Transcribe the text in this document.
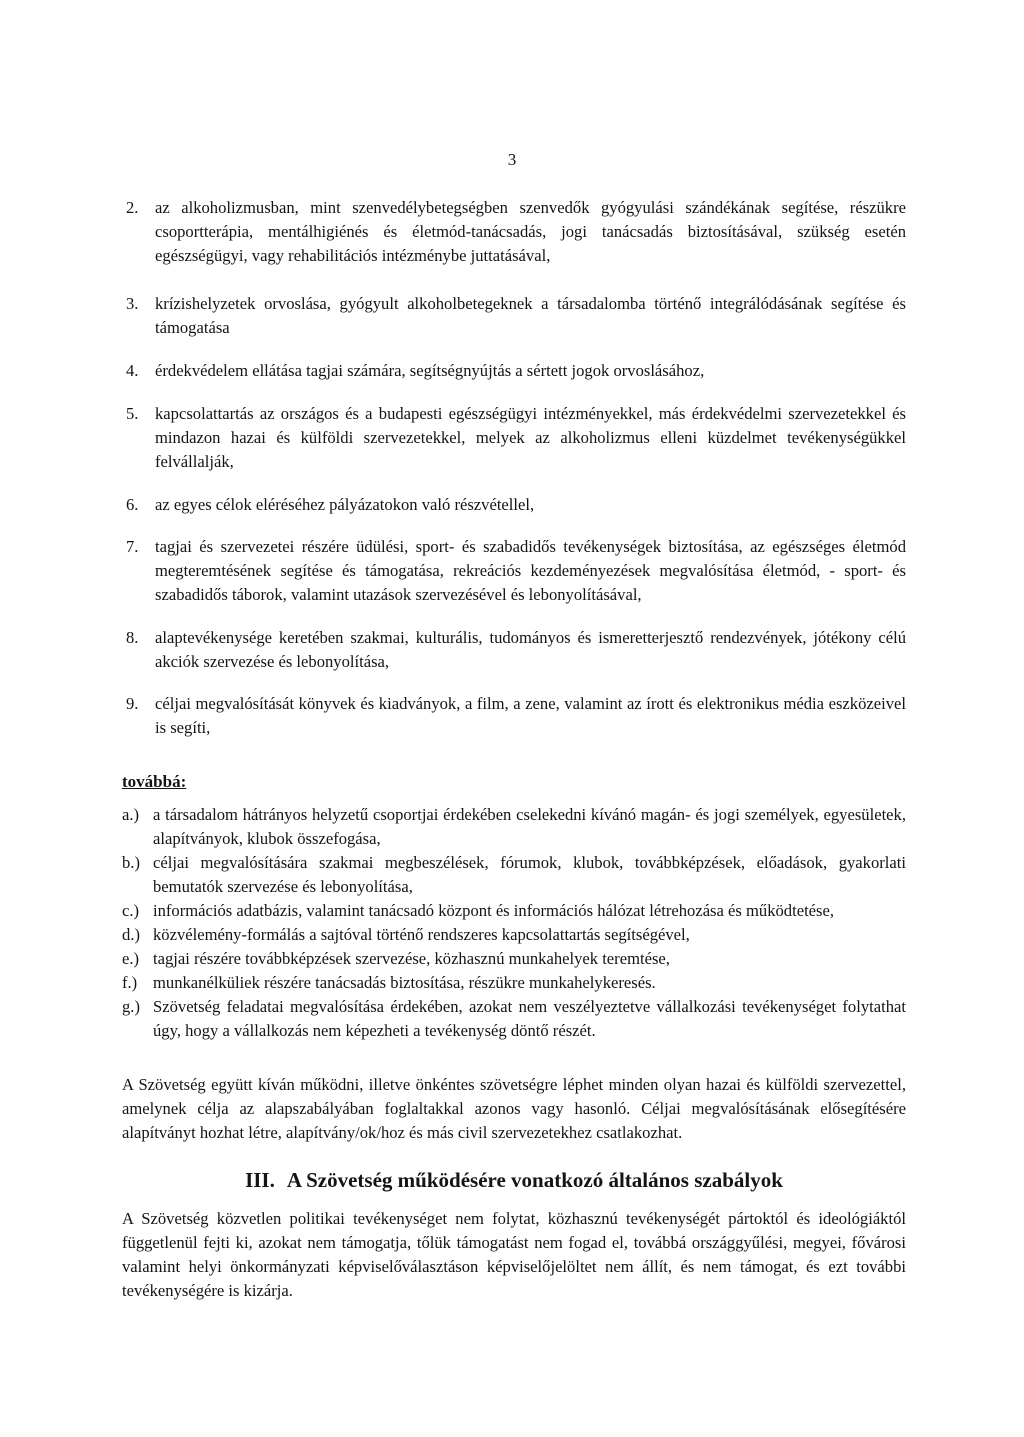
3
2. az alkoholizmusban, mint szenvedélybetegségben szenvedők gyógyulási szándékának segítése, részükre csoportterápia, mentálhigiénés és életmód-tanácsadás, jogi tanácsadás biztosításával, szükség esetén egészségügyi, vagy rehabilitációs intézménybe juttatásával,
3. krízishelyzetek orvoslása, gyógyult alkoholbetegeknek a társadalomba történő integrálódásának segítése és támogatása
4. érdekvédelem ellátása tagjai számára, segítségnyújtás a sértett jogok orvoslásához,
5. kapcsolattartás az országos és a budapesti egészségügyi intézményekkel, más érdekvédelmi szervezetekkel és mindazon hazai és külföldi szervezetekkel, melyek az alkoholizmus elleni küzdelmet tevékenységükkel felvállalják,
6. az egyes célok eléréséhez pályázatokon való részvétellel,
7. tagjai és szervezetei részére üdülési, sport- és szabadidős tevékenységek biztosítása, az egészséges életmód megteremtésének segítése és támogatása, rekreációs kezdeményezések megvalósítása életmód, - sport- és szabadidős táborok, valamint utazások szervezésével és lebonyolításával,
8. alaptevékenysége keretében szakmai, kulturális, tudományos és ismeretterjesztő rendezvények, jótékony célú akciók szervezése és lebonyolítása,
9. céljai megvalósítását könyvek és kiadványok, a film, a zene, valamint az írott és elektronikus média eszközeivel is segíti,
továbbá:
a.) a társadalom hátrányos helyzetű csoportjai érdekében cselekedni kívánó magán- és jogi személyek, egyesületek, alapítványok, klubok összefogása,
b.) céljai megvalósítására szakmai megbeszélések, fórumok, klubok, továbbképzések, előadások, gyakorlati bemutatók szervezése és lebonyolítása,
c.) információs adatbázis, valamint tanácsadó központ és információs hálózat létrehozása és működtetése,
d.) közvélemény-formálás a sajtóval történő rendszeres kapcsolattartás segítségével,
e.) tagjai részére továbbképzések szervezése, közhasznú munkahelyek teremtése,
f.) munkanélküliek részére tanácsadás biztosítása, részükre munkahelykeresés.
g.) Szövetség feladatai megvalósítása érdekében, azokat nem veszélyeztetve vállalkozási tevékenységet folytathat úgy, hogy a vállalkozás nem képezheti a tevékenység döntő részét.

A Szövetség együtt kíván működni, illetve önkéntes szövetségre léphet minden olyan hazai és külföldi szervezettel, amelynek célja az alapszabályában foglaltakkal azonos vagy hasonló. Céljai megvalósításának elősegítésére alapítványt hozhat létre, alapítvány/ok/hoz és más civil szervezetekhez csatlakozhat.

III. A Szövetség működésére vonatkozó általános szabályok

A Szövetség közvetlen politikai tevékenységet nem folytat, közhasznú tevékenységét pártoktól és ideológiáktól függetlenül fejti ki, azokat nem támogatja, tőlük támogatást nem fogad el, továbbá országgyűlési, megyei, fővárosi valamint helyi önkormányzati képviselőválasztáson képviselőjelöltet nem állít, és nem támogat, és ezt további tevékenységére is kizárja.
